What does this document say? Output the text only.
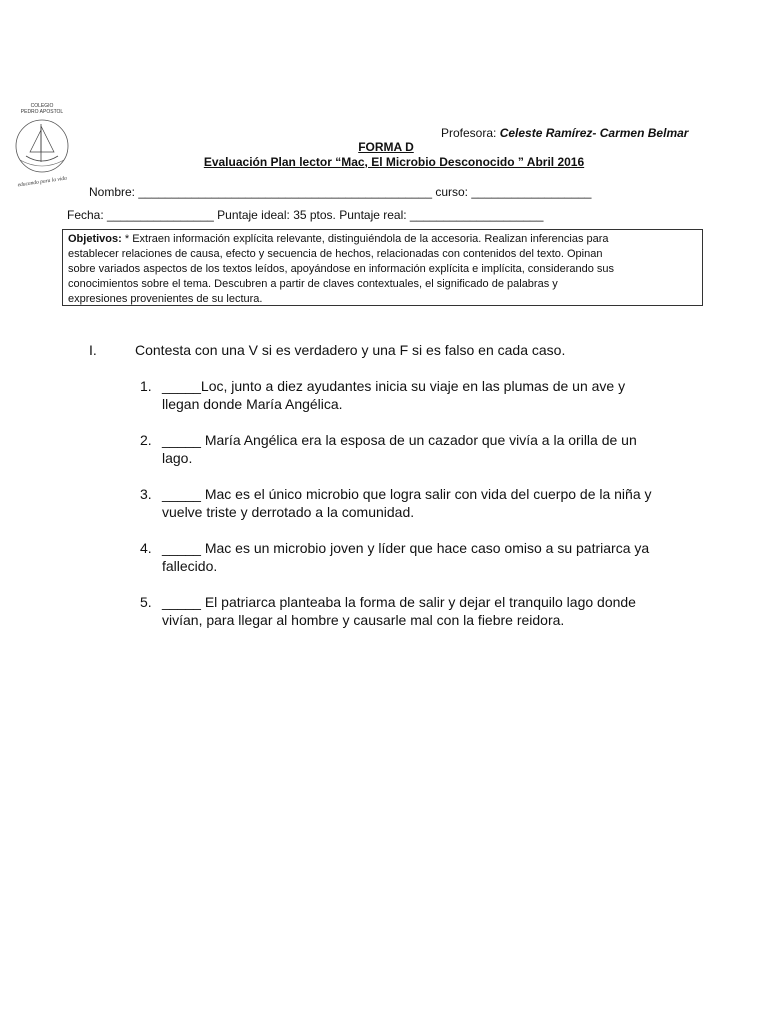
COLEGIO
PEDRO APOSTOL
educando para la vida
Profesora: Celeste Ramírez- Carmen Belmar
FORMA D
Evaluación Plan lector “Mac, El Microbio Desconocido ” Abril 2016
Nombre: ____________________________________________ curso: __________________
Fecha: ________________ Puntaje ideal: 35 ptos. Puntaje real: ____________________

Objetivos: * Extraen información explícita relevante, distinguiéndola de la accesoria. Realizan inferencias para

establecer relaciones de causa, efecto y secuencia de hechos, relacionadas con contenidos del texto. Opinan

sobre variados aspectos de los textos leídos, apoyándose en información explícita e implícita, considerando sus

conocimientos sobre el tema. Descubren a partir de claves contextuales, el significado de palabras y

expresiones provenientes de su lectura.

I.	Contesta con una V si es verdadero y una F si es falso en cada caso.
1. _____Loc, junto a diez ayudantes inicia su viaje en las plumas de un ave y
llegan donde María Angélica.
2. _____ María Angélica era la esposa de un cazador que vivía a la orilla de un
lago.
3. _____ Mac es el único microbio que logra salir con vida del cuerpo de la niña y
vuelve triste y derrotado a la comunidad.
4. _____ Mac es un microbio joven y líder que hace caso omiso a su patriarca ya
fallecido.
5. _____ El patriarca planteaba la forma de salir y dejar el tranquilo lago donde
vivían, para llegar al hombre y causarle mal con la fiebre reidora.
